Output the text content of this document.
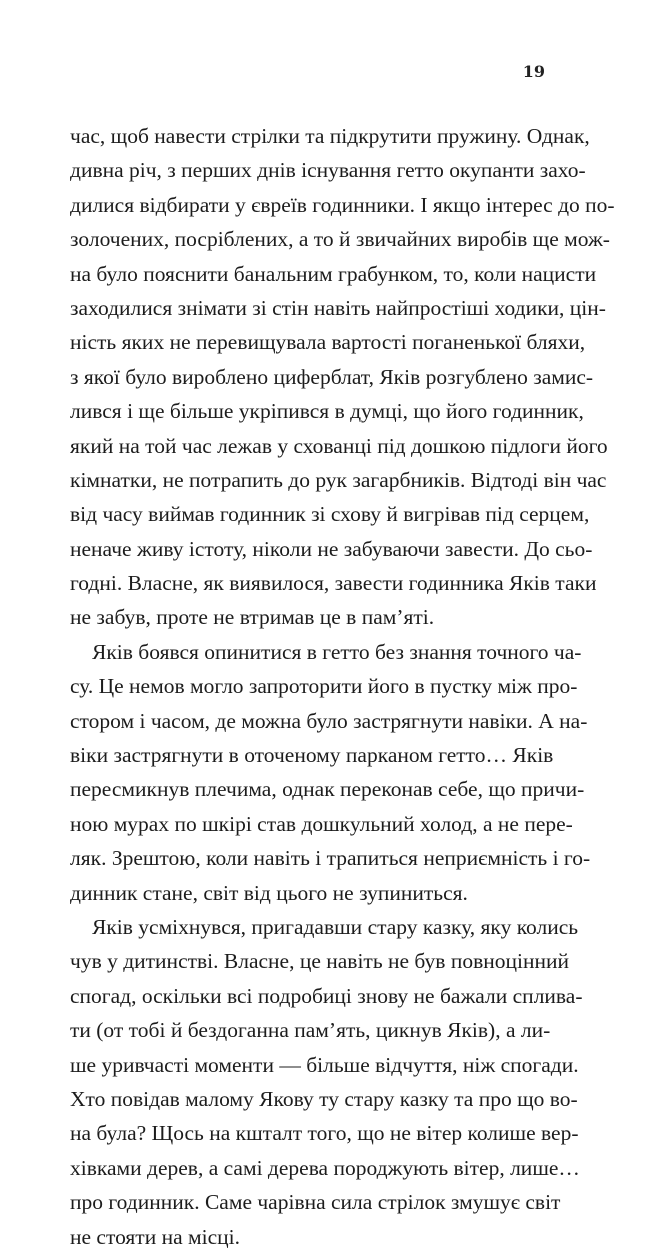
19
час, щоб навести стрілки та підкрутити пружину. Однак,
дивна річ, з перших днів існування гетто окупанти захо-
дилися відбирати у євреїв годинники. І якщо інтерес до по-
золочених, посріблених, а то й звичайних виробів ще мож-
на було пояснити банальним грабунком, то, коли нацисти
заходилися знімати зі стін навіть найпростіші ходики, цін-
ність яких не перевищувала вартості поганенької бляхи,
з якої було вироблено циферблат, Яків розгублено замис-
лився і ще більше укріпився в думці, що його годинник,
який на той час лежав у схованці під дошкою підлоги його
кімнатки, не потрапить до рук загарбників. Відтоді він час
від часу виймав годинник зі схову й вигрівав під серцем,
неначе живу істоту, ніколи не забуваючи завести. До сьо-
годні. Власне, як виявилося, завести годинника Яків таки
не забув, проте не втримав це в пам’яті.
Яків боявся опинитися в гетто без знання точного ча-
су. Це немов могло запроторити його в пустку між про-
стором і часом, де можна було застрягнути навіки. А на-
віки застрягнути в оточеному парканом гетто… Яків
пересмикнув плечима, однак переконав себе, що причи-
ною мурах по шкірі став дошкульний холод, а не пере-
ляк. Зрештою, коли навіть і трапиться неприємність і го-
динник стане, світ від цього не зупиниться.
Яків усміхнувся, пригадавши стару казку, яку колись
чув у дитинстві. Власне, це навіть не був повноцінний
спогад, оскільки всі подробиці знову не бажали сплива-
ти (от тобі й бездоганна пам’ять, цикнув Яків), а ли-
ше уривчасті моменти — більше відчуття, ніж спогади.
Хто повідав малому Якову ту стару казку та про що во-
на була? Щось на кшталт того, що не вітер колише вер-
хівками дерев, а самі дерева породжують вітер, лише…
про годинник. Саме чарівна сила стрілок змушує світ
не стояти на місці.
